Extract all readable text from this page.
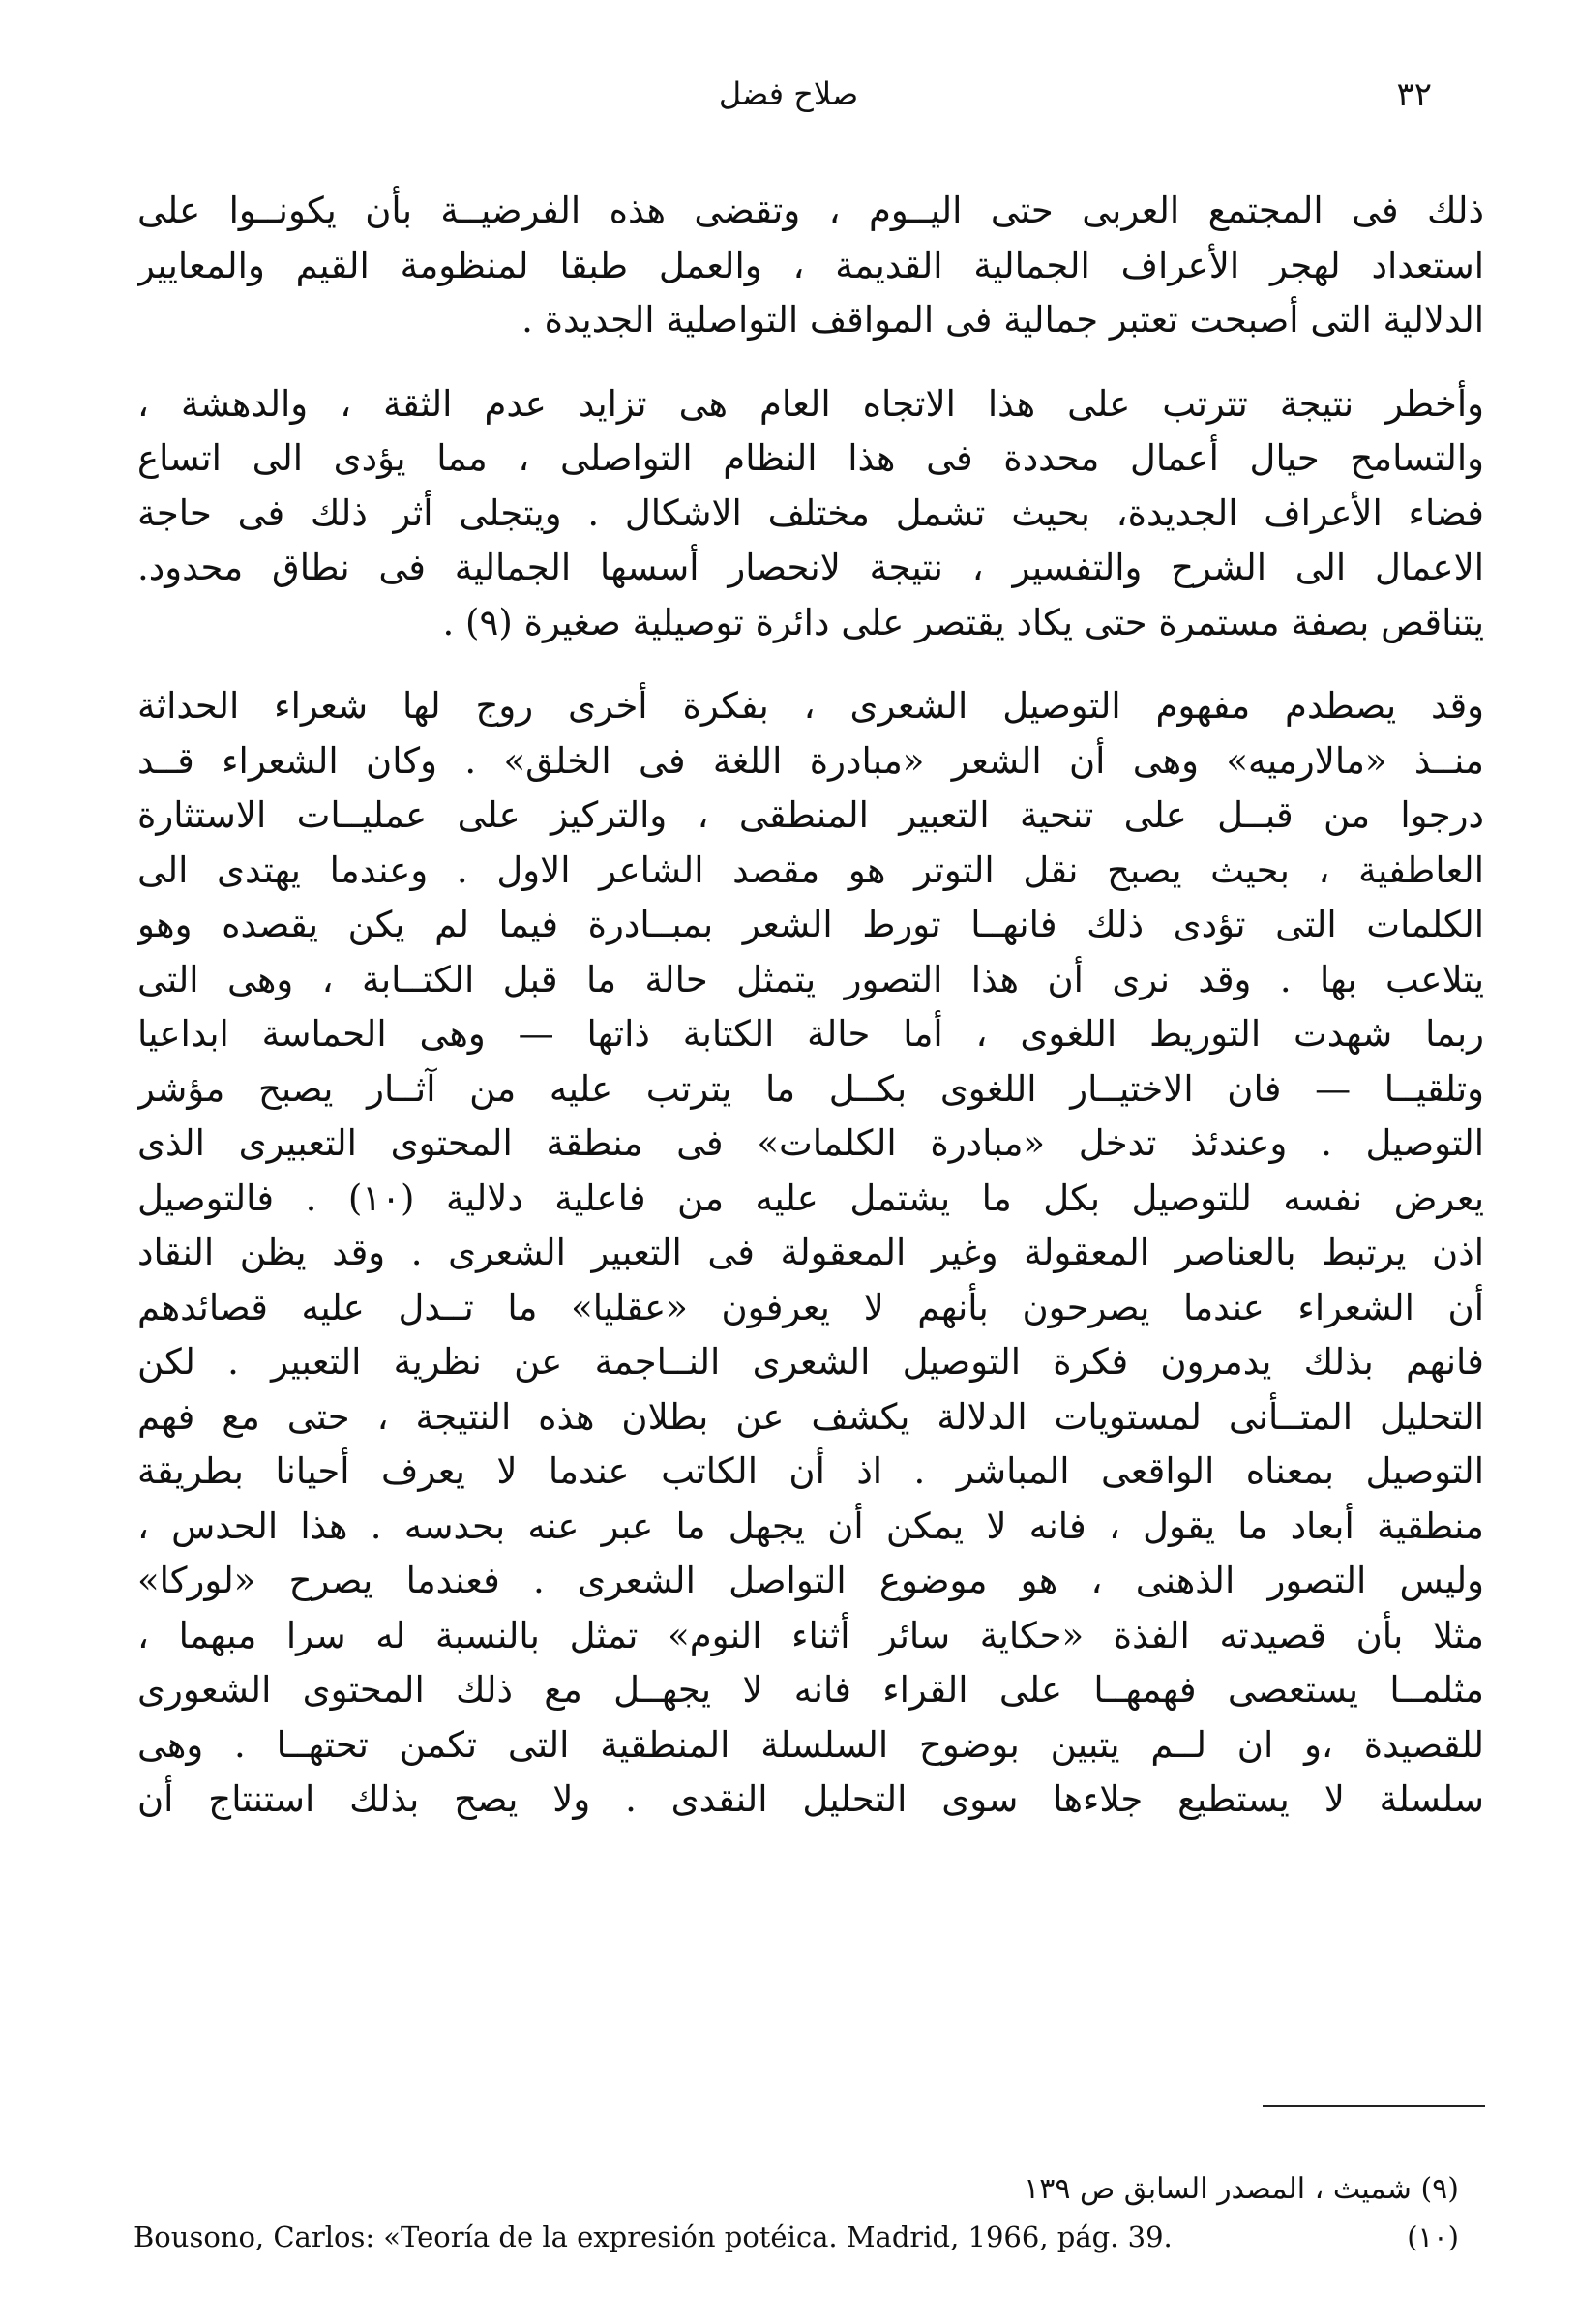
٣٢
صلاح فضل
ذلك فى المجتمع العربى حتى اليــوم ، وتقضى هذه الفرضيــة بأن يكونــوا على
استعداد لهجر الأعراف الجمالية القديمة ، والعمل طبقا لمنظومة القيم والمعايير
الدلالية التى أصبحت تعتبر جمالية فى المواقف التواصلية الجديدة .
وأخطر نتيجة تترتب على هذا الاتجاه العام هى تزايد عدم الثقة ، والدهشة ،
والتسامح حيال أعمال محددة فى هذا النظام التواصلى ، مما يؤدى الى اتساع
فضاء الأعراف الجديدة، بحيث تشمل مختلف الاشكال . ويتجلى أثر ذلك فى حاجة
الاعمال الى الشرح والتفسير ، نتيجة لانحصار أسسها الجمالية فى نطاق محدود.
يتناقص بصفة مستمرة حتى يكاد يقتصر على دائرة توصيلية صغيرة (٩) .
وقد يصطدم مفهوم التوصيل الشعرى ، بفكرة أخرى روج لها شعراء الحداثة
منــذ «مالارميه» وهى أن الشعر «مبادرة اللغة فى الخلق» . وكان الشعراء قــد
درجوا من قبــل على تنحية التعبير المنطقى ، والتركيز على عمليــات الاستثارة
العاطفية ، بحيث يصبح نقل التوتر هو مقصد الشاعر الاول . وعندما يهتدى الى
الكلمات التى تؤدى ذلك فانهــا تورط الشعر بمبــادرة فيما لم يكن يقصده وهو
يتلاعب بها . وقد نرى أن هذا التصور يتمثل حالة ما قبل الكتــابة ، وهى التى
ربما شهدت التوريط اللغوى ، أما حالة الكتابة ذاتها — وهى الحماسة ابداعيا
وتلقيــا — فان الاختيــار اللغوى بكــل ما يترتب عليه من آثــار يصبح مؤشر
التوصيل . وعندئذ تدخل «مبادرة الكلمات» فى منطقة المحتوى التعبيرى الذى
يعرض نفسه للتوصيل بكل ما يشتمل عليه من فاعلية دلالية (١٠) . فالتوصيل
اذن يرتبط بالعناصر المعقولة وغير المعقولة فى التعبير الشعرى . وقد يظن النقاد
أن الشعراء عندما يصرحون بأنهم لا يعرفون «عقليا» ما تــدل عليه قصائدهم
فانهم بذلك يدمرون فكرة التوصيل الشعرى النــاجمة عن نظرية التعبير . لكن
التحليل المتــأنى لمستويات الدلالة يكشف عن بطلان هذه النتيجة ، حتى مع فهم
التوصيل بمعناه الواقعى المباشر . اذ أن الكاتب عندما لا يعرف أحيانا بطريقة
منطقية أبعاد ما يقول ، فانه لا يمكن أن يجهل ما عبر عنه بحدسه . هذا الحدس ،
وليس التصور الذهنى ، هو موضوع التواصل الشعرى . فعندما يصرح «لوركا»
مثلا بأن قصيدته الفذة «حكاية سائر أثناء النوم» تمثل بالنسبة له سرا مبهما ،
مثلمــا يستعصى فهمهــا على القراء فانه لا يجهــل مع ذلك المحتوى الشعورى
للقصيدة ،و ان لــم يتبين بوضوح السلسلة المنطقية التى تكمن تحتهــا . وهى
سلسلة لا يستطيع جلاءها سوى التحليل النقدى . ولا يصح بذلك استنتاج أن
(٩) شميث ، المصدر السابق ص ١٣٩
(١٠)
Bousono, Carlos: «Teoría de la expresión potéica. Madrid, 1966, pág. 39.
